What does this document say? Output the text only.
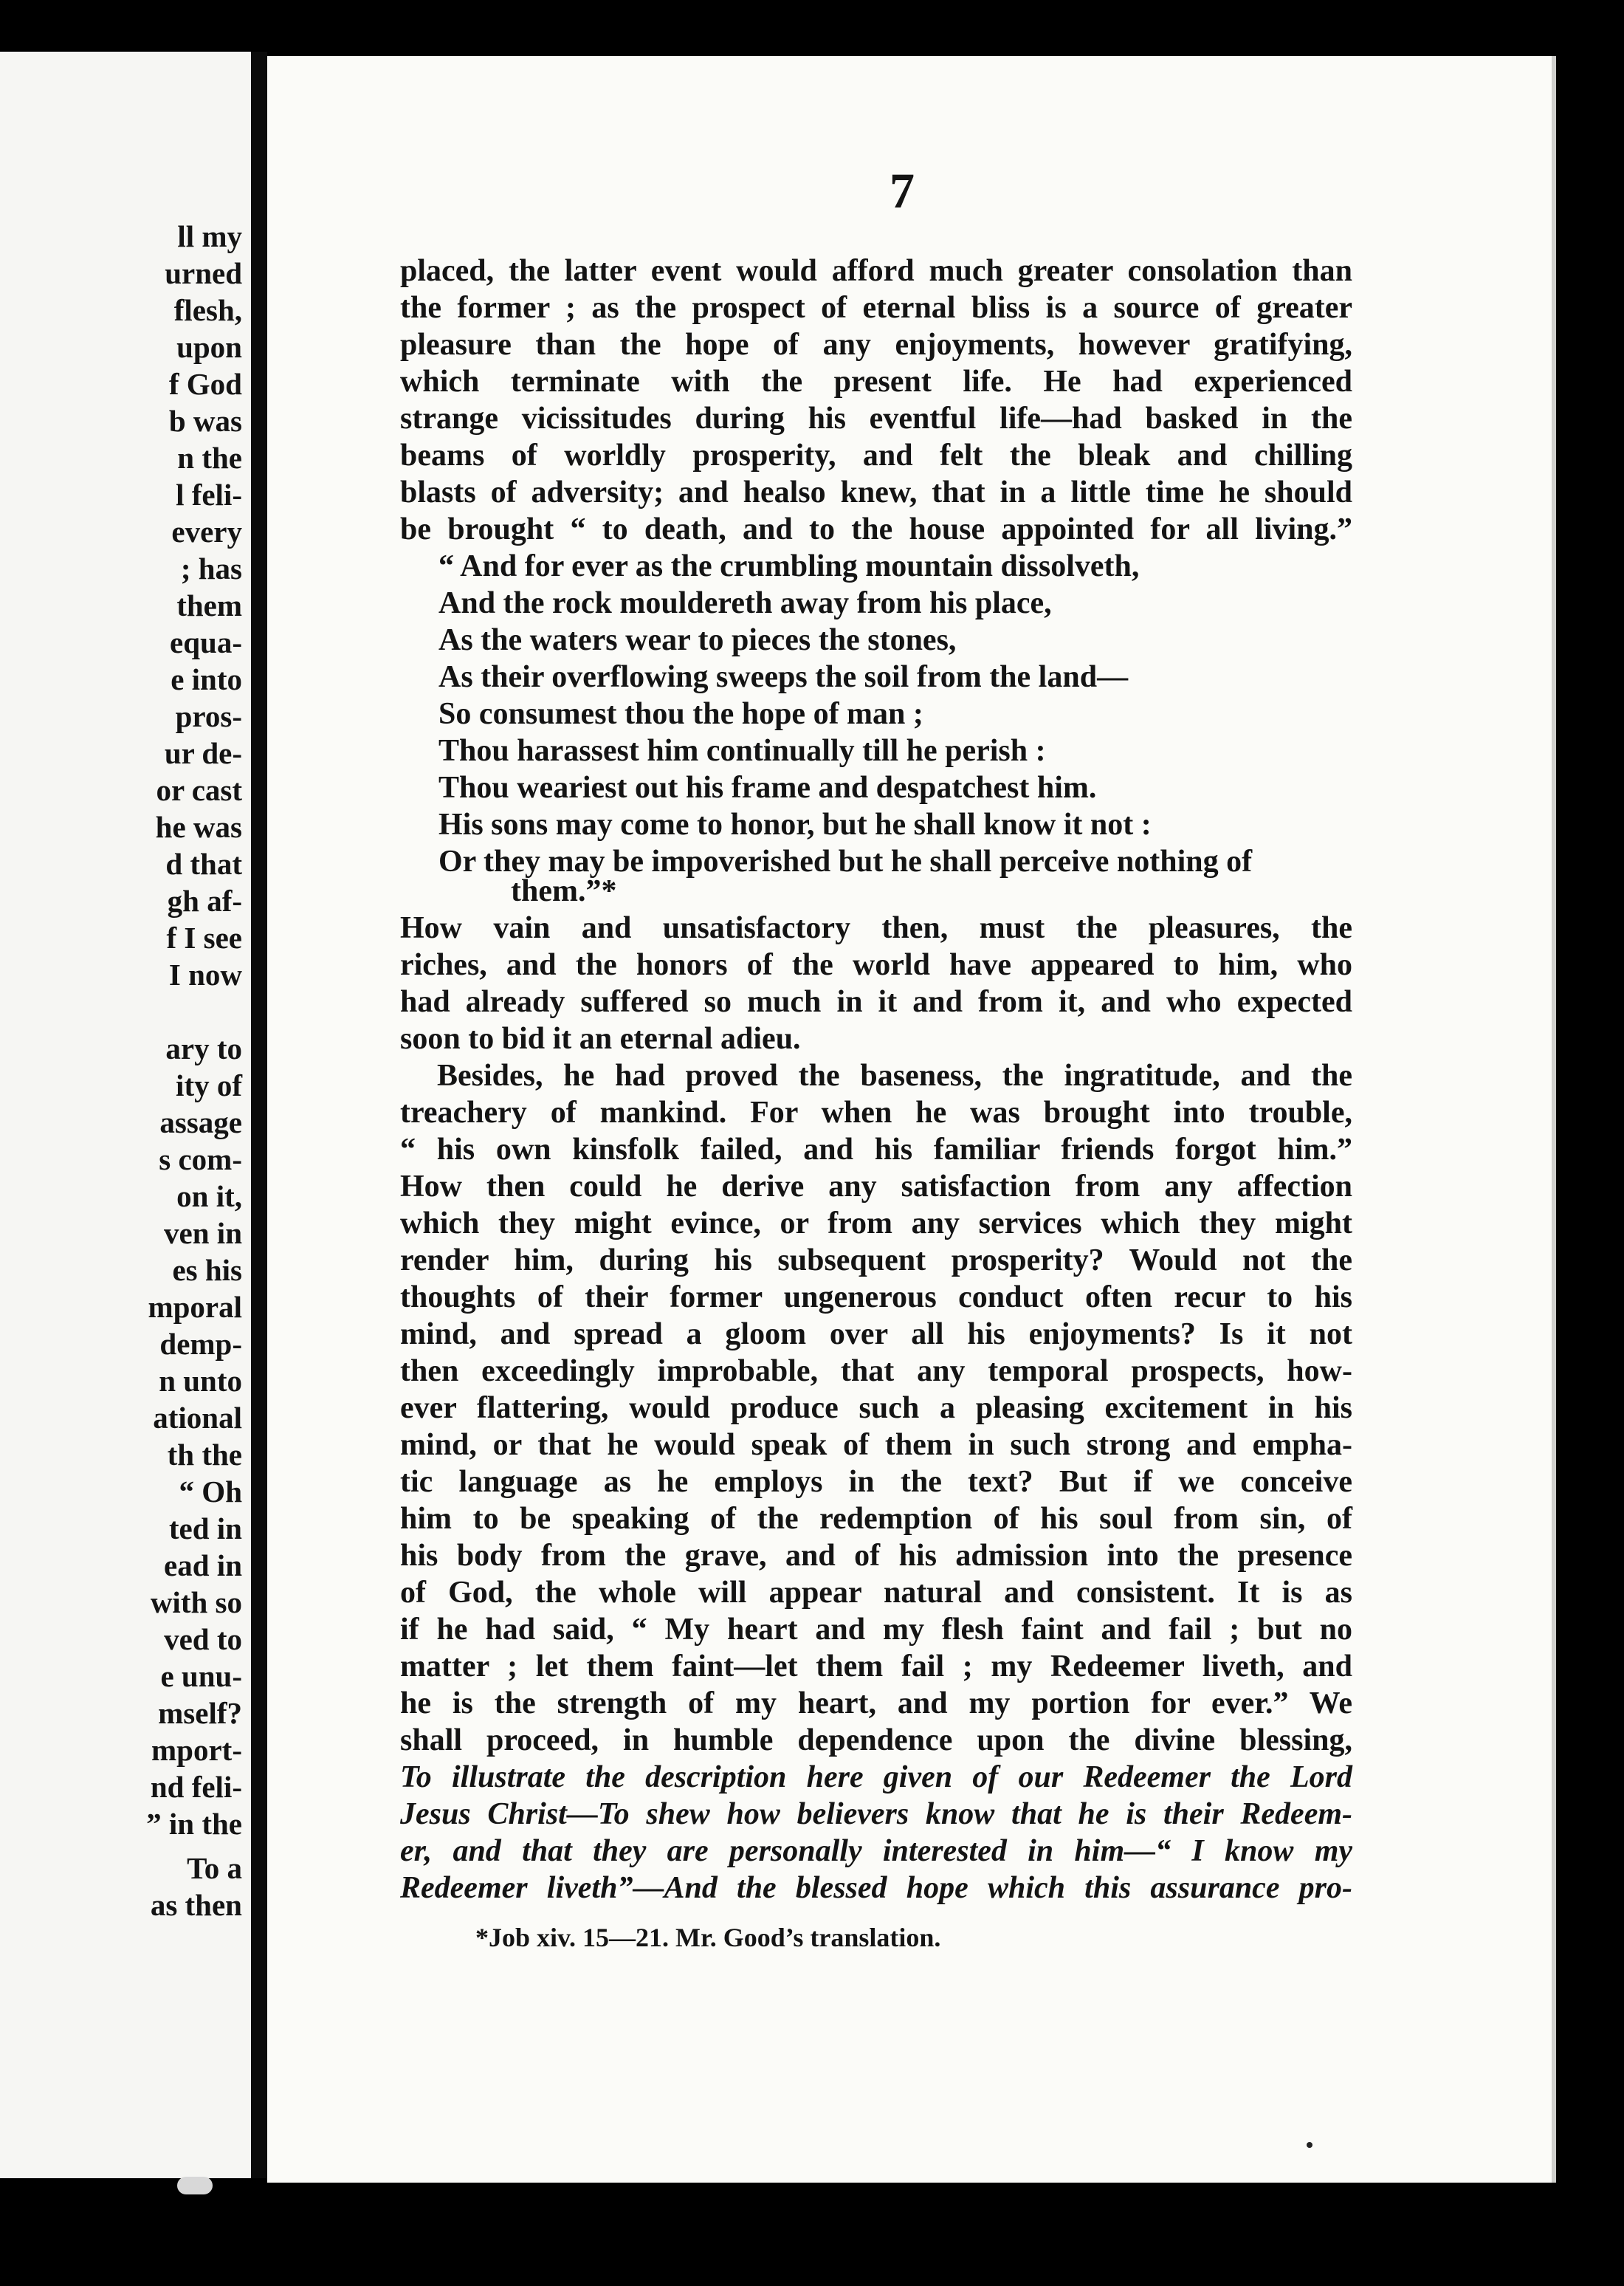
ll my
urned
flesh,
upon
f God
b was
n the
l feli-
every
; has
them
equa-
e into
pros-
ur de-
or cast
he was
d that
gh af-
f I see
I now
ary to
ity of
assage
s com-
on it,
ven in
es his
mporal
demp-
n unto
ational
th the
“ Oh
ted in
ead in
with so
ved to
e unu-
mself?
mport-
nd feli-
” in the
To a
as then
7
placed, the latter event would afford much greater consolation than
the former ; as the prospect of eternal bliss is a source of greater
pleasure than the hope of any enjoyments, however gratifying,
which terminate with the present life. He had experienced
strange vicissitudes during his eventful life—had basked in the
beams of worldly prosperity, and felt the bleak and chilling
blasts of adversity; and healso knew, that in a little time he should
be brought “ to death, and to the house appointed for all living.”
“ And for ever as the crumbling mountain dissolveth,
And the rock mouldereth away from his place,
As the waters wear to pieces the stones,
As their overflowing sweeps the soil from the land—
So consumest thou the hope of man ;
Thou harassest him continually till he perish :
Thou weariest out his frame and despatchest him.
His sons may come to honor, but he shall know it not :
Or they may be impoverished but he shall perceive nothing of
them.”*
How vain and unsatisfactory then, must the pleasures, the
riches, and the honors of the world have appeared to him, who
had already suffered so much in it and from it, and who expected
soon to bid it an eternal adieu.
Besides, he had proved the baseness, the ingratitude, and the
treachery of mankind. For when he was brought into trouble,
“ his own kinsfolk failed, and his familiar friends forgot him.”
How then could he derive any satisfaction from any affection
which they might evince, or from any services which they might
render him, during his subsequent prosperity? Would not the
thoughts of their former ungenerous conduct often recur to his
mind, and spread a gloom over all his enjoyments? Is it not
then exceedingly improbable, that any temporal prospects, how-
ever flattering, would produce such a pleasing excitement in his
mind, or that he would speak of them in such strong and empha-
tic language as he employs in the text? But if we conceive
him to be speaking of the redemption of his soul from sin, of
his body from the grave, and of his admission into the presence
of God, the whole will appear natural and consistent. It is as
if he had said, “ My heart and my flesh faint and fail ; but no
matter ; let them faint—let them fail ; my Redeemer liveth, and
he is the strength of my heart, and my portion for ever.” We
shall proceed, in humble dependence upon the divine blessing,
To illustrate the description here given of our Redeemer the Lord
Jesus Christ—To shew how believers know that he is their Redeem-
er, and that they are personally interested in him—“ I know my
Redeemer liveth”—And the blessed hope which this assurance pro-
*Job xiv. 15—21. Mr. Good’s translation.
